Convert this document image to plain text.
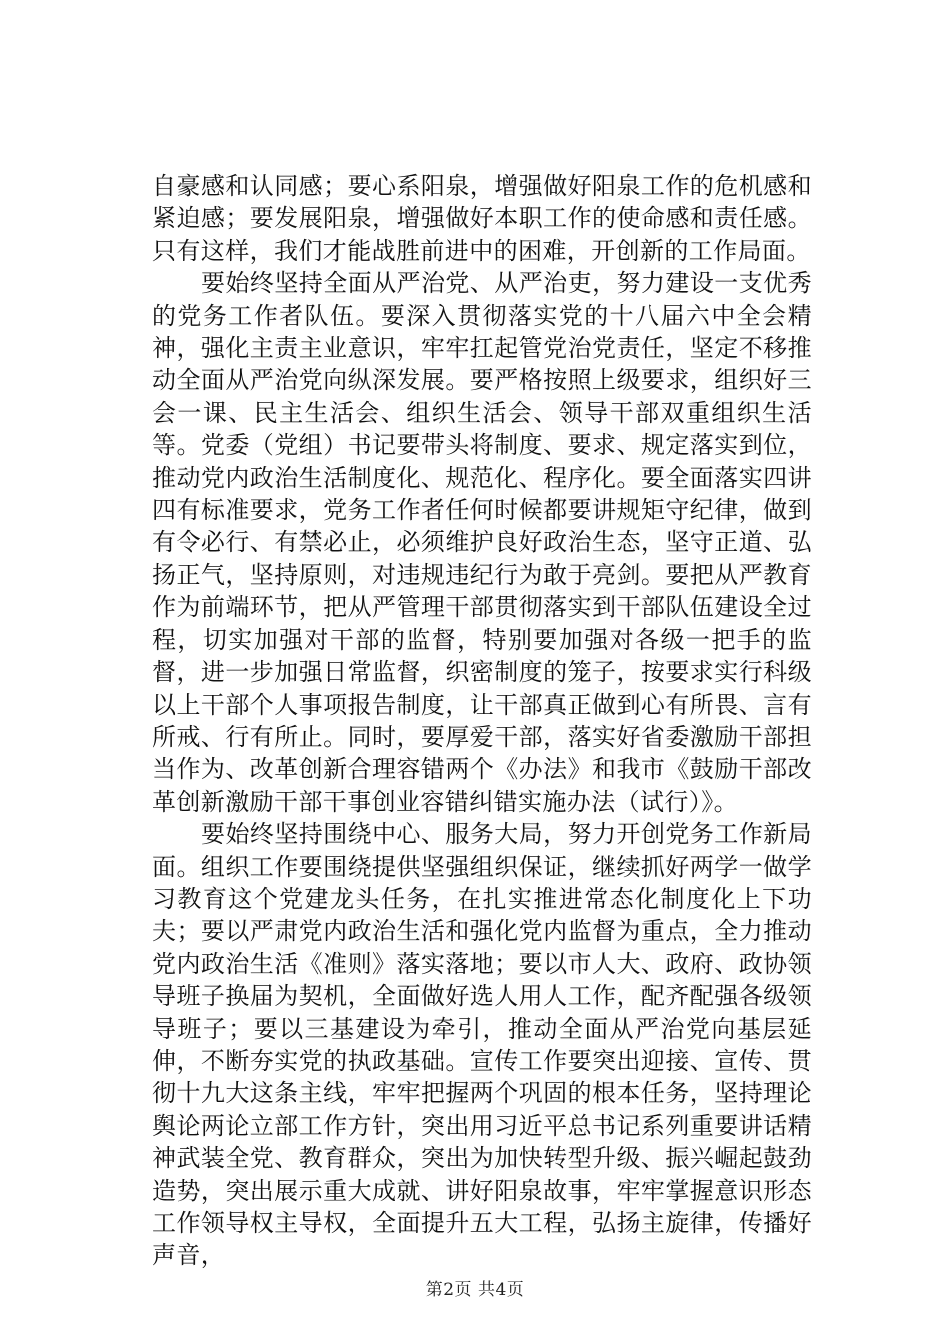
自豪感和认同感；要心系阳泉，增强做好阳泉工作的危机感和紧迫感；要发展阳泉，增强做好本职工作的使命感和责任感。只有这样，我们才能战胜前进中的困难，开创新的工作局面。

要始终坚持全面从严治党、从严治吏，努力建设一支优秀的党务工作者队伍。要深入贯彻落实党的十八届六中全会精神，强化主责主业意识，牢牢扛起管党治党责任，坚定不移推动全面从严治党向纵深发展。要严格按照上级要求，组织好三会一课、民主生活会、组织生活会、领导干部双重组织生活等。党委（党组）书记要带头将制度、要求、规定落实到位，推动党内政治生活制度化、规范化、程序化。要全面落实四讲四有标准要求，党务工作者任何时候都要讲规矩守纪律，做到有令必行、有禁必止，必须维护良好政治生态，坚守正道、弘扬正气，坚持原则，对违规违纪行为敢于亮剑。要把从严教育作为前端环节，把从严管理干部贯彻落实到干部队伍建设全过程，切实加强对干部的监督，特别要加强对各级一把手的监督，进一步加强日常监督，织密制度的笼子，按要求实行科级以上干部个人事项报告制度，让干部真正做到心有所畏、言有所戒、行有所止。同时，要厚爱干部，落实好省委激励干部担当作为、改革创新合理容错两个《办法》和我市《鼓励干部改革创新激励干部干事创业容错纠错实施办法（试行）》。

要始终坚持围绕中心、服务大局，努力开创党务工作新局面。组织工作要围绕提供坚强组织保证，继续抓好两学一做学习教育这个党建龙头任务，在扎实推进常态化制度化上下功夫；要以严肃党内政治生活和强化党内监督为重点，全力推动党内政治生活《准则》落实落地；要以市人大、政府、政协领导班子换届为契机，全面做好选人用人工作，配齐配强各级领导班子；要以三基建设为牵引，推动全面从严治党向基层延伸，不断夯实党的执政基础。宣传工作要突出迎接、宣传、贯彻十九大这条主线，牢牢把握两个巩固的根本任务，坚持理论舆论两论立部工作方针，突出用习近平总书记系列重要讲话精神武装全党、教育群众，突出为加快转型升级、振兴崛起鼓劲造势，突出展示重大成就、讲好阳泉故事，牢牢掌握意识形态工作领导权主导权，全面提升五大工程，弘扬主旋律，传播好声音，

第2页 共4页
